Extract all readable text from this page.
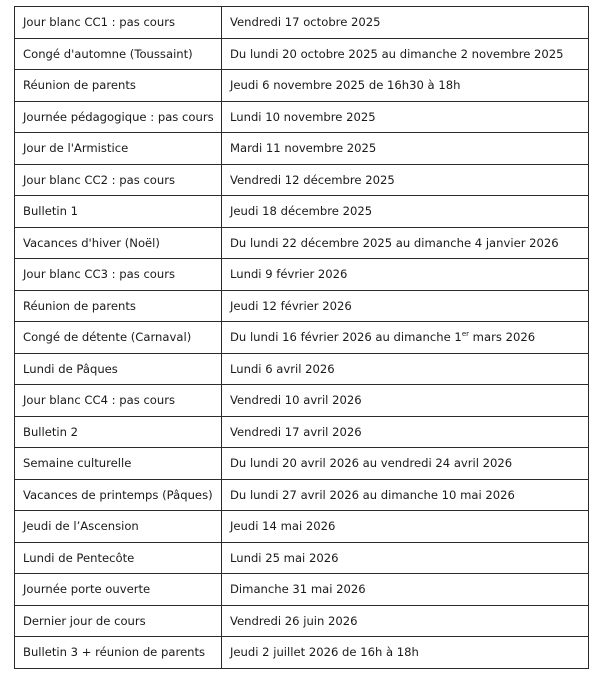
Jour blanc CC1 : pas cours	Vendredi 17 octobre 2025
Congé d'automne (Toussaint)	Du lundi 20 octobre 2025 au dimanche 2 novembre 2025
Réunion de parents	Jeudi 6 novembre 2025 de 16h30 à 18h
Journée pédagogique : pas cours	Lundi 10 novembre 2025
Jour de l'Armistice	Mardi 11 novembre 2025
Jour blanc CC2 : pas cours	Vendredi 12 décembre 2025
Bulletin 1	Jeudi 18 décembre 2025
Vacances d'hiver (Noël)	Du lundi 22 décembre 2025 au dimanche 4 janvier 2026
Jour blanc CC3 : pas cours	Lundi 9 février 2026
Réunion de parents	Jeudi 12 février 2026
Congé de détente (Carnaval)	Du lundi 16 février 2026 au dimanche 1er mars 2026
Lundi de Pâques	Lundi 6 avril 2026
Jour blanc CC4 : pas cours	Vendredi 10 avril 2026
Bulletin 2	Vendredi 17 avril 2026
Semaine culturelle	Du lundi 20 avril 2026 au vendredi 24 avril 2026
Vacances de printemps (Pâques)	Du lundi 27 avril 2026 au dimanche 10 mai 2026
Jeudi de l’Ascension	Jeudi 14 mai 2026
Lundi de Pentecôte	Lundi 25 mai 2026
Journée porte ouverte	Dimanche 31 mai 2026
Dernier jour de cours	Vendredi 26 juin 2026
Bulletin 3 + réunion de parents	Jeudi 2 juillet 2026 de 16h à 18h
